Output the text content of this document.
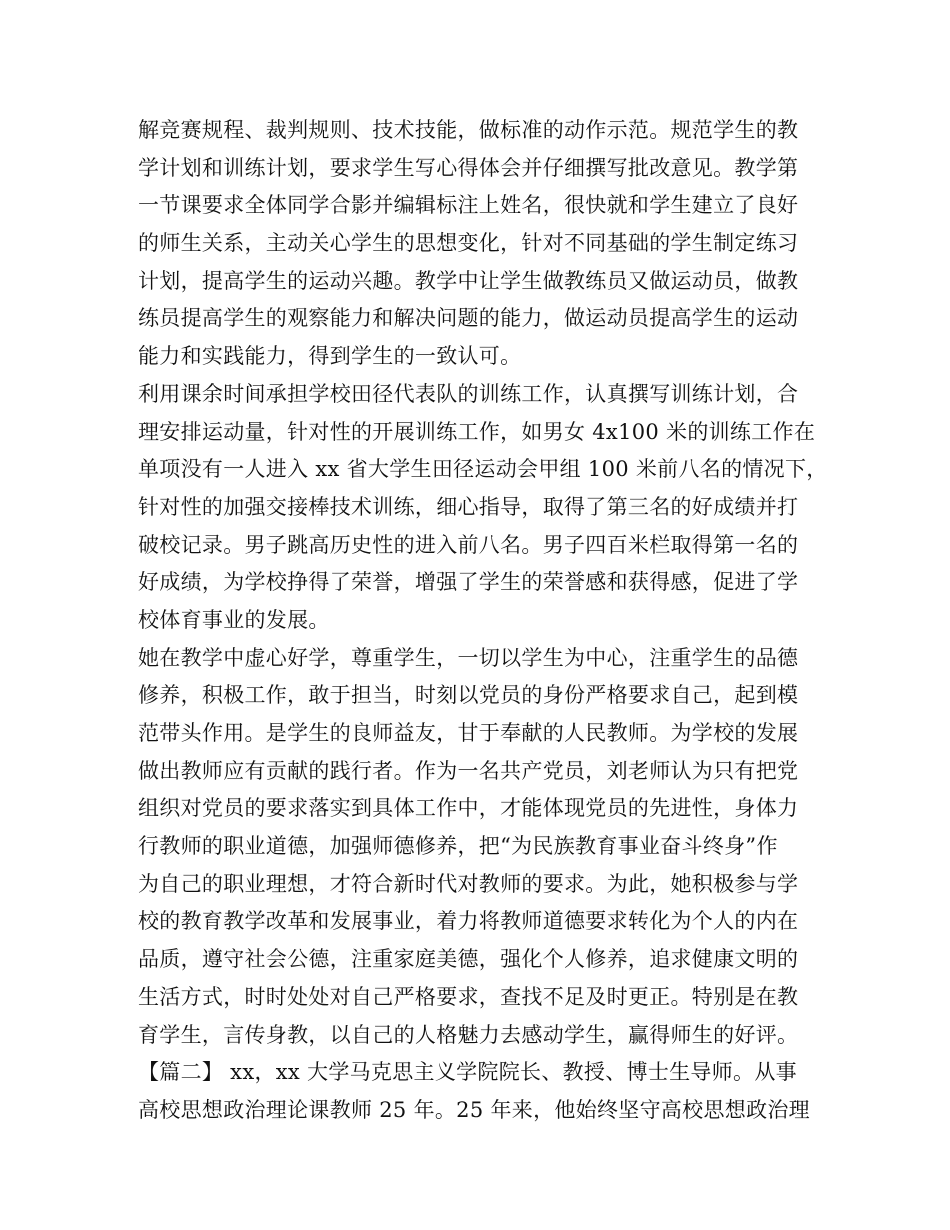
解竞赛规程、裁判规则、技术技能，做标准的动作示范。规范学生的教
学计划和训练计划，要求学生写心得体会并仔细撰写批改意见。教学第
一节课要求全体同学合影并编辑标注上姓名，很快就和学生建立了良好
的师生关系，主动关心学生的思想变化，针对不同基础的学生制定练习
计划，提高学生的运动兴趣。教学中让学生做教练员又做运动员，做教
练员提高学生的观察能力和解决问题的能力，做运动员提高学生的运动
能力和实践能力，得到学生的一致认可。
利用课余时间承担学校田径代表队的训练工作，认真撰写训练计划，合
理安排运动量，针对性的开展训练工作，如男女 4x100 米的训练工作在
单项没有一人进入 xx 省大学生田径运动会甲组 100 米前八名的情况下，
针对性的加强交接棒技术训练，细心指导，取得了第三名的好成绩并打
破校记录。男子跳高历史性的进入前八名。男子四百米栏取得第一名的
好成绩，为学校挣得了荣誉，增强了学生的荣誉感和获得感，促进了学
校体育事业的发展。
她在教学中虚心好学，尊重学生，一切以学生为中心，注重学生的品德
修养，积极工作，敢于担当，时刻以党员的身份严格要求自己，起到模
范带头作用。是学生的良师益友，甘于奉献的人民教师。为学校的发展
做出教师应有贡献的践行者。作为一名共产党员，刘老师认为只有把党
组织对党员的要求落实到具体工作中，才能体现党员的先进性，身体力
行教师的职业道德，加强师德修养，把“为民族教育事业奋斗终身”作
为自己的职业理想，才符合新时代对教师的要求。为此，她积极参与学
校的教育教学改革和发展事业，着力将教师道德要求转化为个人的内在
品质，遵守社会公德，注重家庭美德，强化个人修养，追求健康文明的
生活方式，时时处处对自己严格要求，查找不足及时更正。特别是在教
育学生，言传身教，以自己的人格魅力去感动学生，赢得师生的好评。
【篇二】 xx，xx 大学马克思主义学院院长、教授、博士生导师。从事
高校思想政治理论课教师 25 年。25 年来，他始终坚守高校思想政治理
